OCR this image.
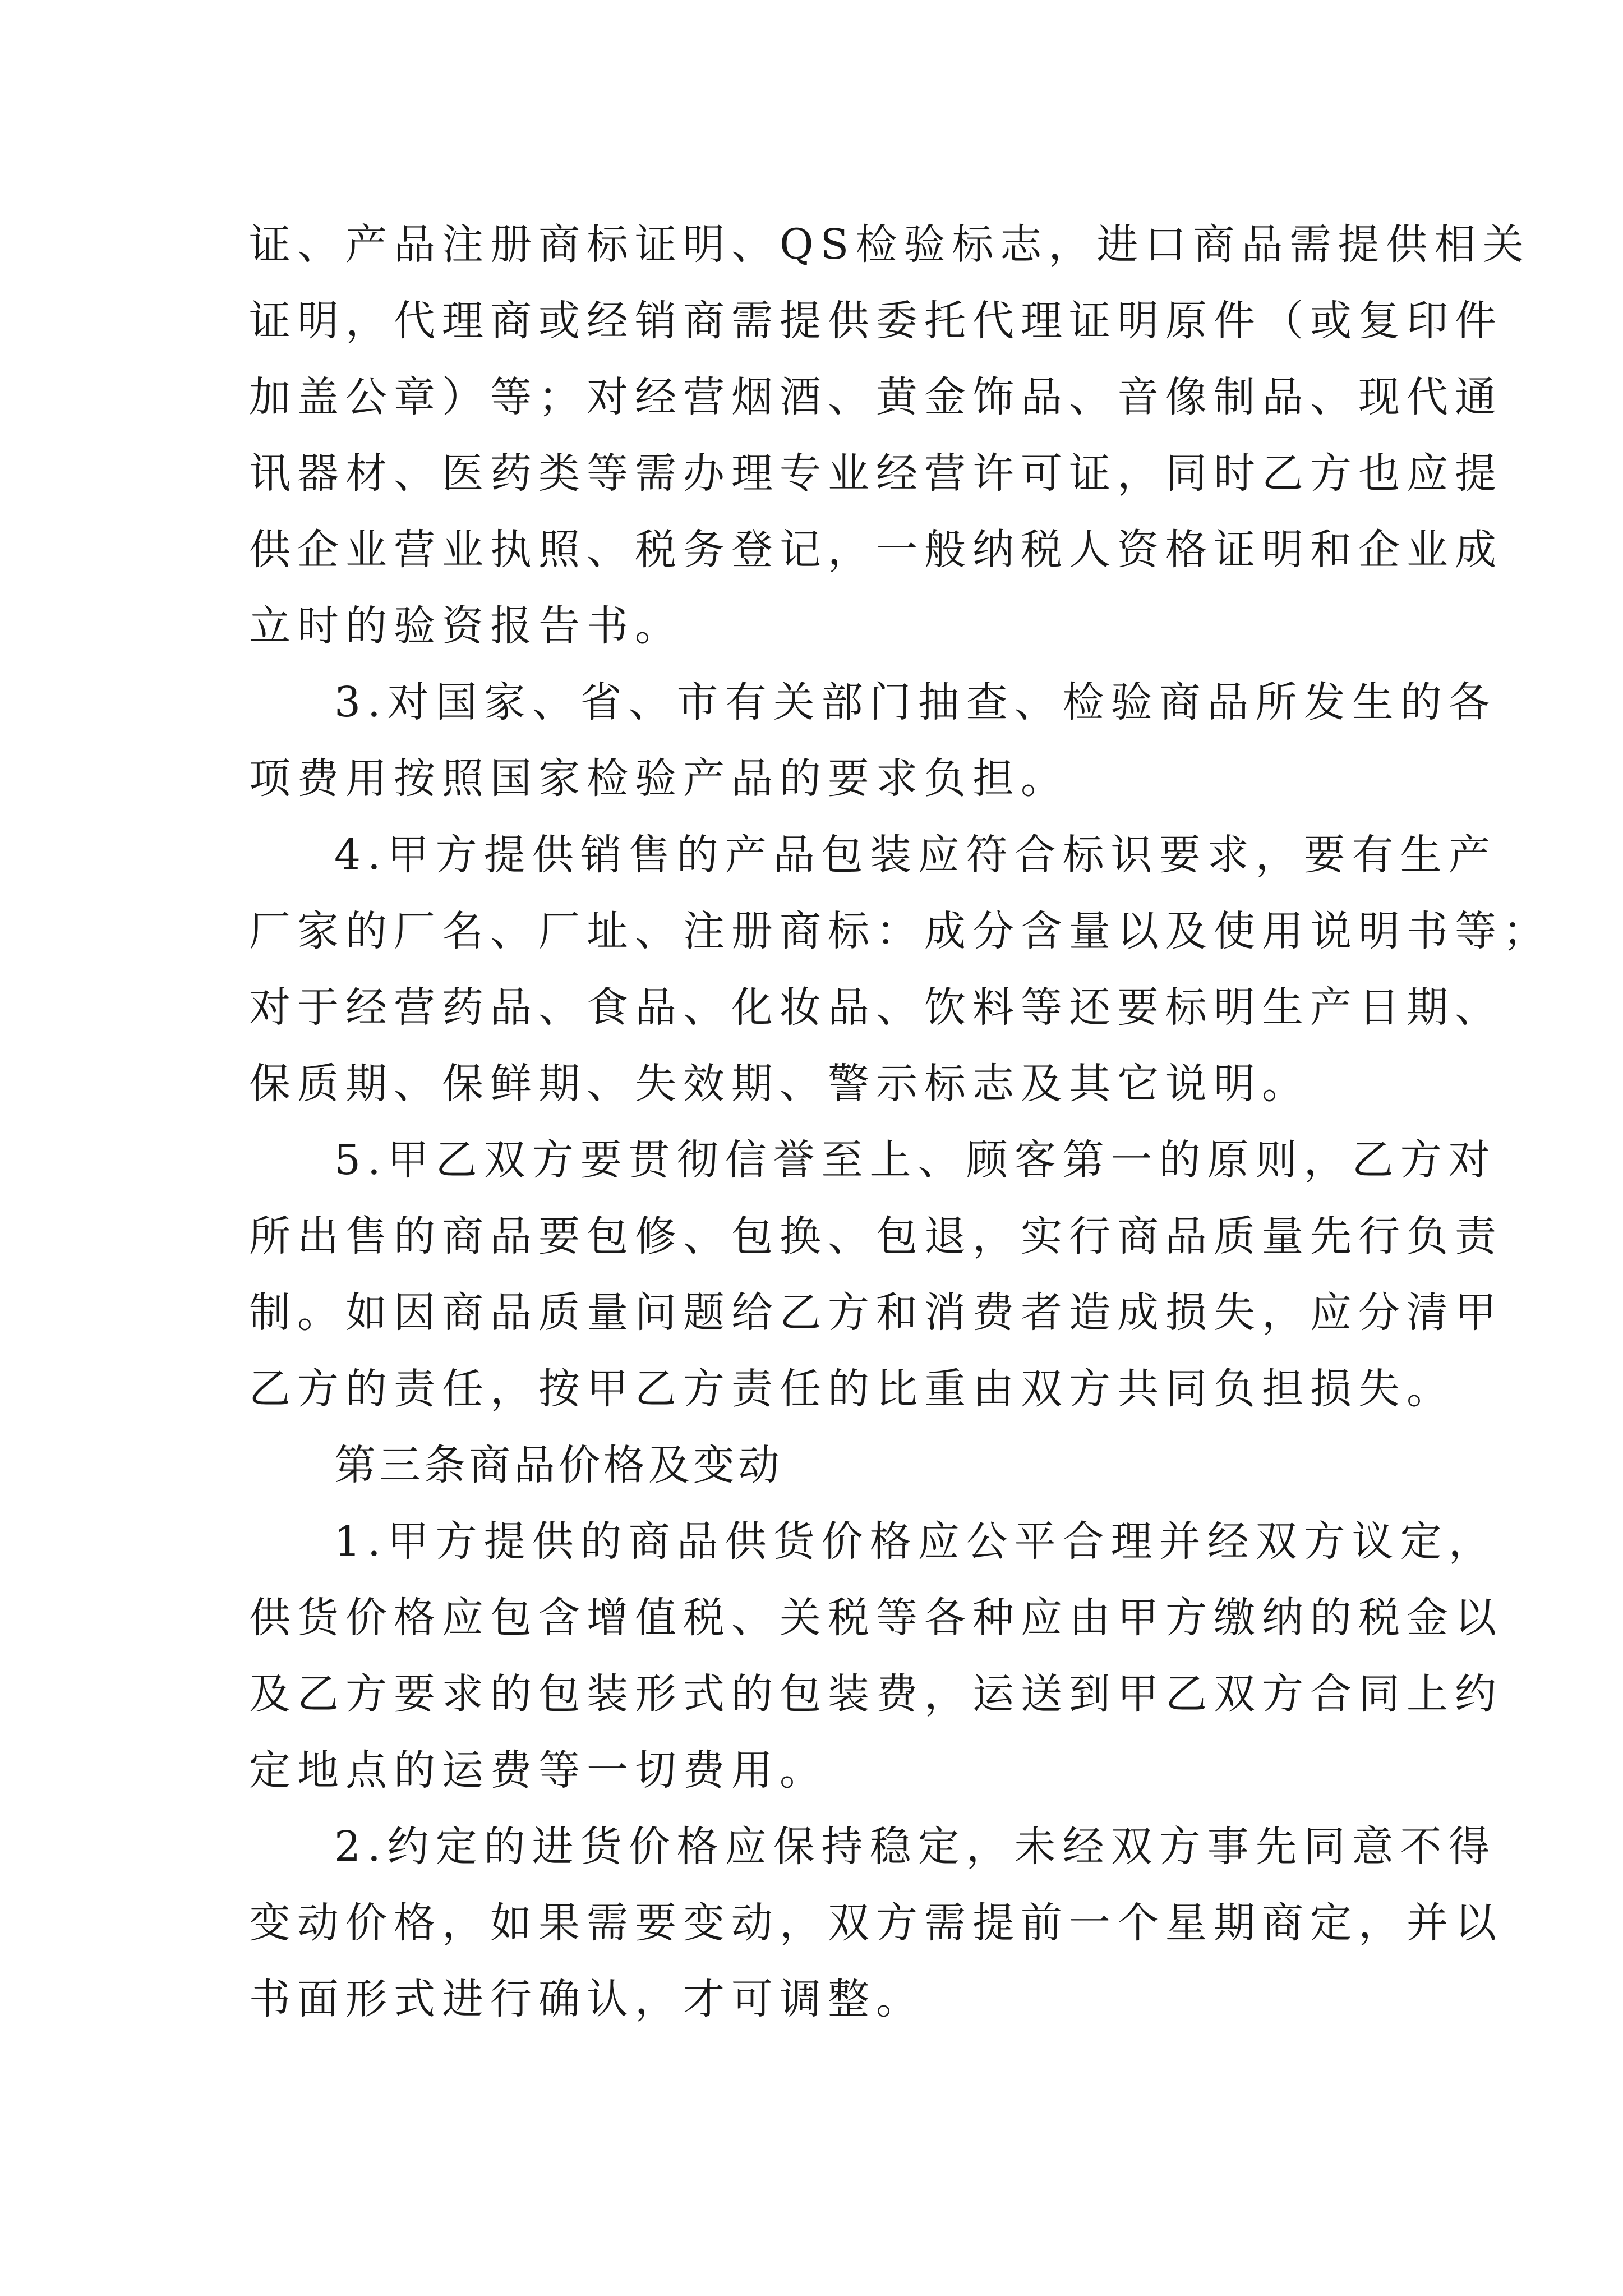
证、产品注册商标证明、QS检验标志，进口商品需提供相关
证明，代理商或经销商需提供委托代理证明原件（或复印件
加盖公章）等；对经营烟酒、黄金饰品、音像制品、现代通
讯器材、医药类等需办理专业经营许可证，同时乙方也应提
供企业营业执照、税务登记，一般纳税人资格证明和企业成
立时的验资报告书。
3.对国家、省、市有关部门抽查、检验商品所发生的各
项费用按照国家检验产品的要求负担。
4.甲方提供销售的产品包装应符合标识要求，要有生产
厂家的厂名、厂址、注册商标：成分含量以及使用说明书等；
对于经营药品、食品、化妆品、饮料等还要标明生产日期、
保质期、保鲜期、失效期、警示标志及其它说明。
5.甲乙双方要贯彻信誉至上、顾客第一的原则，乙方对
所出售的商品要包修、包换、包退，实行商品质量先行负责
制。如因商品质量问题给乙方和消费者造成损失，应分清甲
乙方的责任，按甲乙方责任的比重由双方共同负担损失。
第三条商品价格及变动
1.甲方提供的商品供货价格应公平合理并经双方议定，
供货价格应包含增值税、关税等各种应由甲方缴纳的税金以
及乙方要求的包装形式的包装费，运送到甲乙双方合同上约
定地点的运费等一切费用。
2.约定的进货价格应保持稳定，未经双方事先同意不得
变动价格，如果需要变动，双方需提前一个星期商定，并以
书面形式进行确认，才可调整。
